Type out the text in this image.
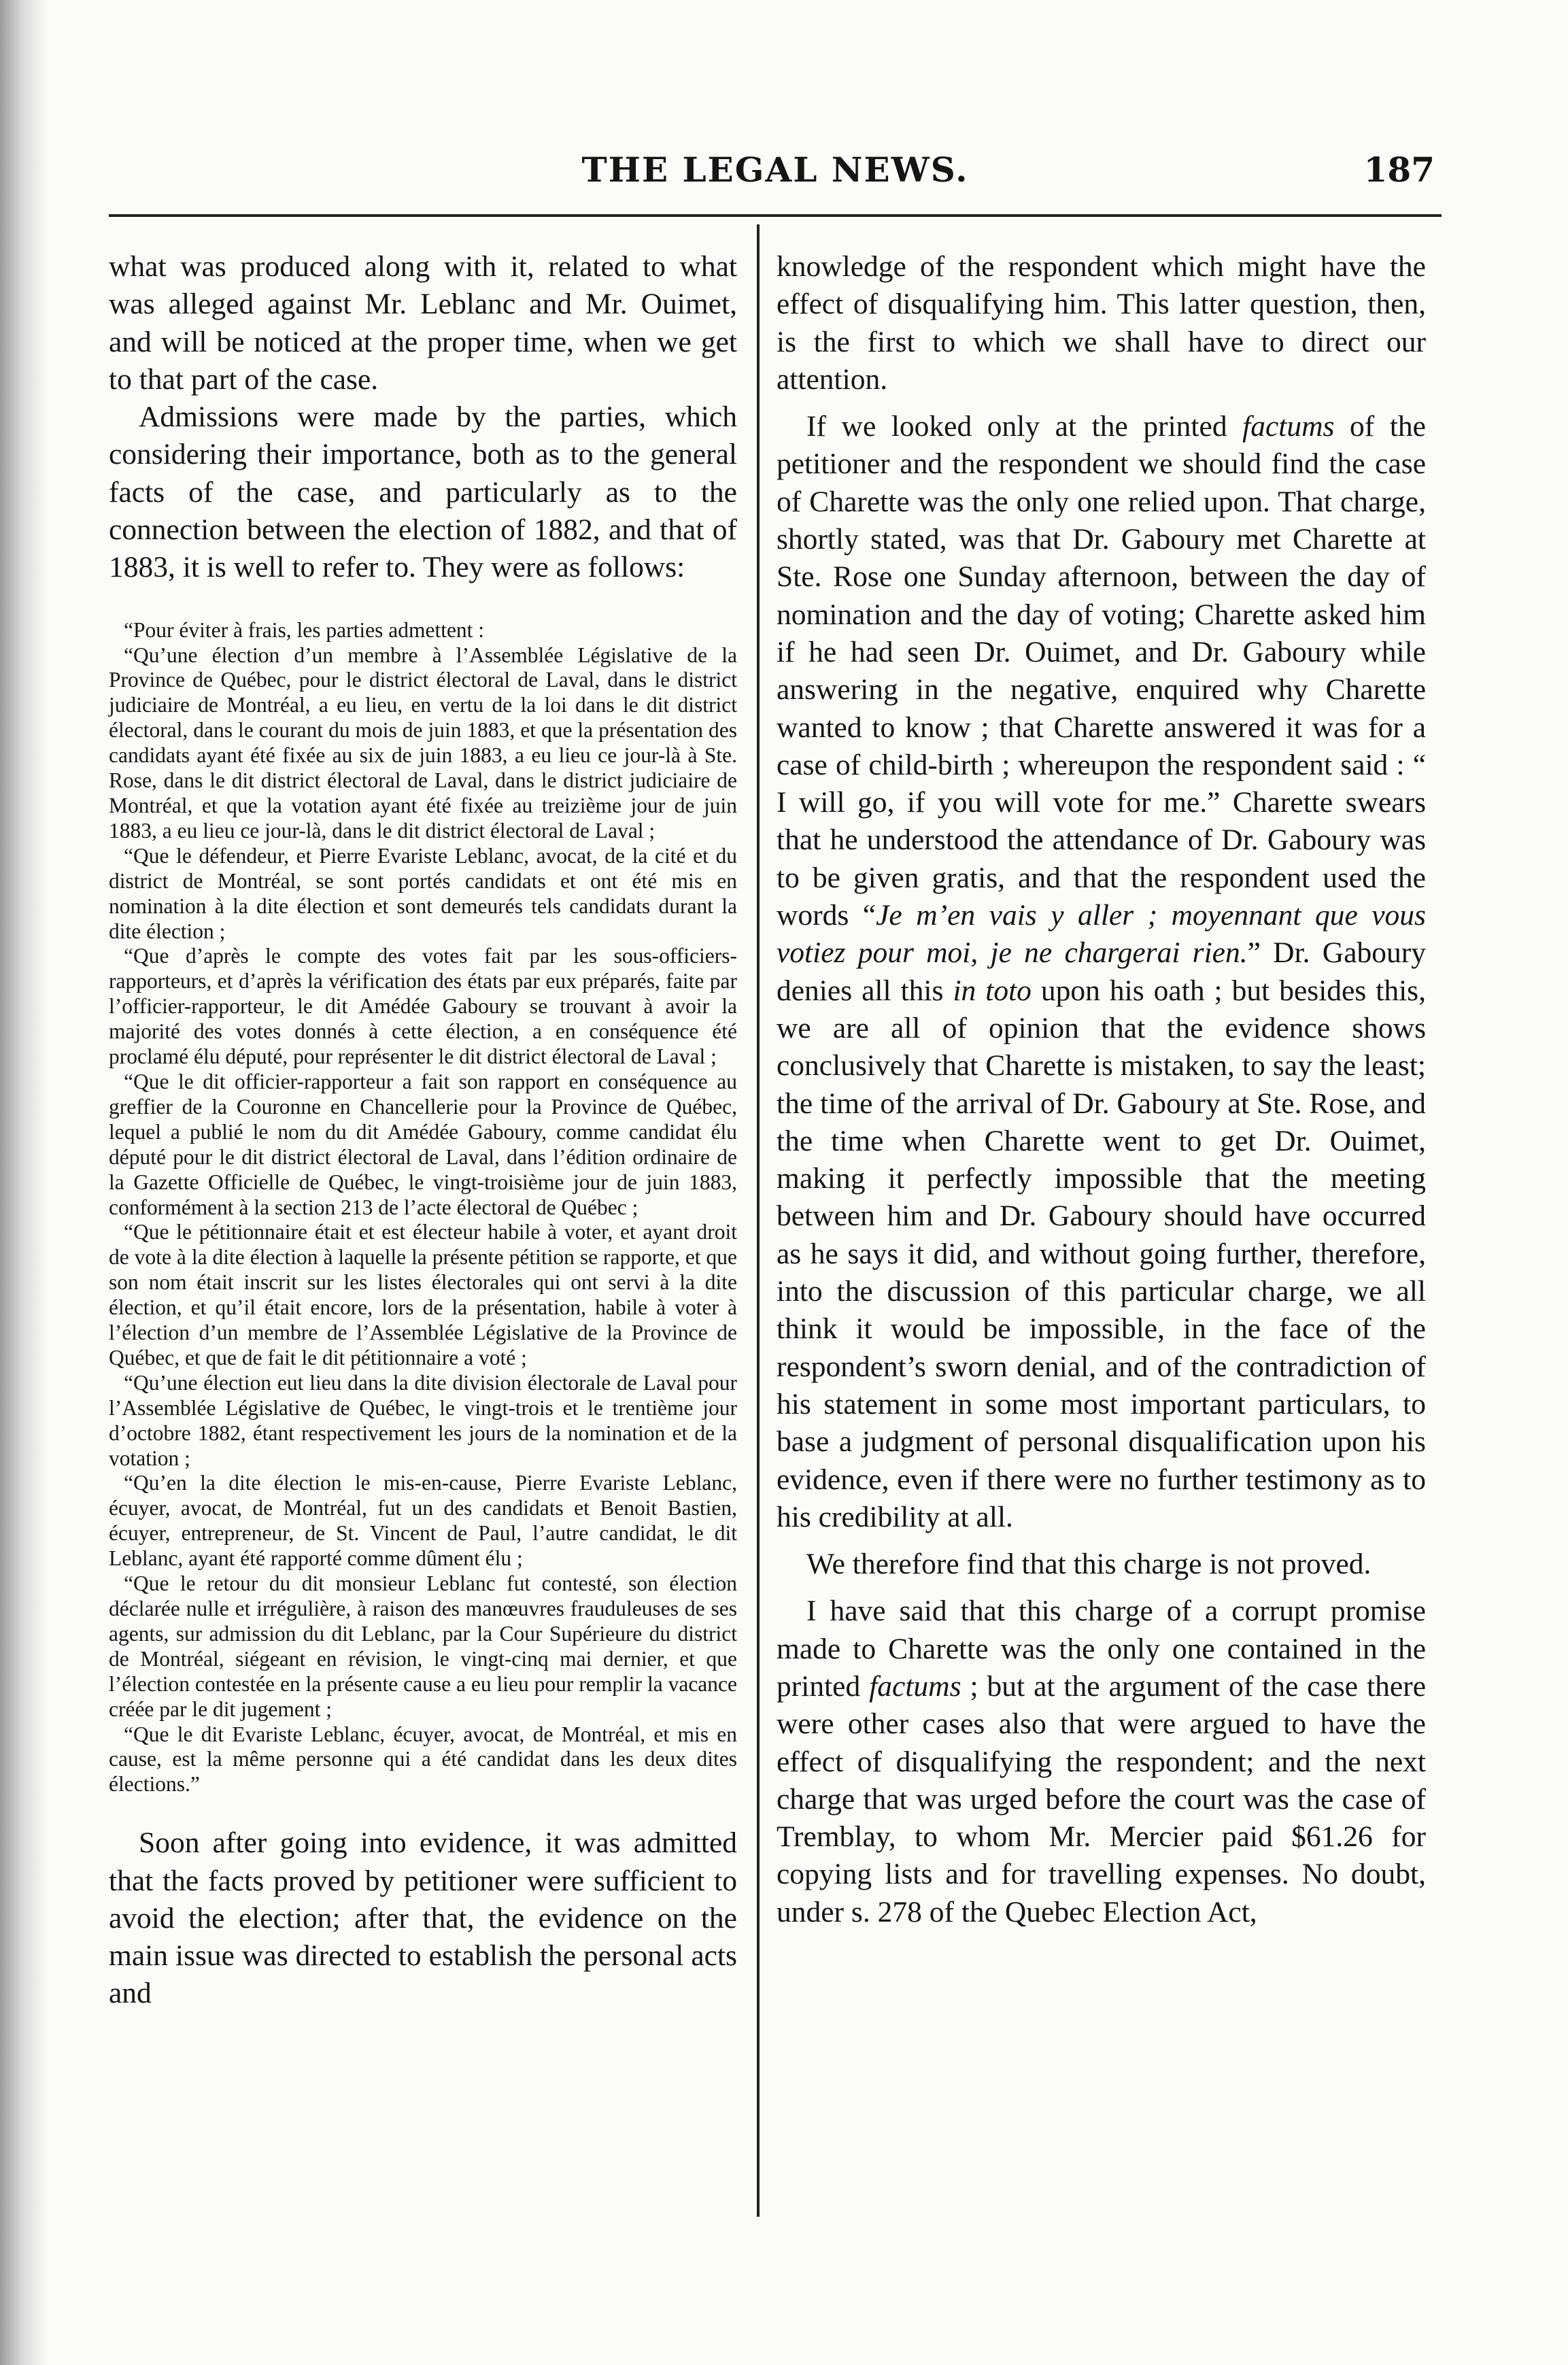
THE LEGAL NEWS.	187

what was produced along with it, related to what was alleged against Mr. Leblanc and Mr. Ouimet, and will be noticed at the proper time, when we get to that part of the case.

Admissions were made by the parties, which considering their importance, both as to the general facts of the case, and particularly as to the connection between the election of 1882, and that of 1883, it is well to refer to. They were as follows:

“Pour éviter à frais, les parties admettent :
“Qu’une élection d’un membre à l’Assemblée Législative de la Province de Québec, pour le district électoral de Laval, dans le district judiciaire de Montréal, a eu lieu, en vertu de la loi dans le dit district électoral, dans le courant du mois de juin 1883, et que la présentation des candidats ayant été fixée au six de juin 1883, a eu lieu ce jour-là à Ste. Rose, dans le dit district électoral de Laval, dans le district judiciaire de Montréal, et que la votation ayant été fixée au treizième jour de juin 1883, a eu lieu ce jour-là, dans le dit district électoral de Laval ;
“Que le défendeur, et Pierre Evariste Leblanc, avocat, de la cité et du district de Montréal, se sont portés candidats et ont été mis en nomination à la dite élection et sont demeurés tels candidats durant la dite élection ;
“Que d’après le compte des votes fait par les sous-officiers-rapporteurs, et d’après la vérification des états par eux préparés, faite par l’officier-rapporteur, le dit Amédée Gaboury se trouvant à avoir la majorité des votes donnés à cette élection, a en conséquence été proclamé élu député, pour représenter le dit district électoral de Laval ;
“Que le dit officier-rapporteur a fait son rapport en conséquence au greffier de la Couronne en Chancellerie pour la Province de Québec, lequel a publié le nom du dit Amédée Gaboury, comme candidat élu député pour le dit district électoral de Laval, dans l’édition ordinaire de la Gazette Officielle de Québec, le vingt-troisième jour de juin 1883, conformément à la section 213 de l’acte électoral de Québec ;
“Que le pétitionnaire était et est électeur habile à voter, et ayant droit de vote à la dite élection à laquelle la présente pétition se rapporte, et que son nom était inscrit sur les listes électorales qui ont servi à la dite élection, et qu’il était encore, lors de la présentation, habile à voter à l’élection d’un membre de l’Assemblée Législative de la Province de Québec, et que de fait le dit pétitionnaire a voté ;
“Qu’une élection eut lieu dans la dite division électorale de Laval pour l’Assemblée Législative de Québec, le vingt-trois et le trentième jour d’octobre 1882, étant respectivement les jours de la nomination et de la votation ;
“Qu’en la dite élection le mis-en-cause, Pierre Evariste Leblanc, écuyer, avocat, de Montréal, fut un des candidats et Benoit Bastien, écuyer, entrepreneur, de St. Vincent de Paul, l’autre candidat, le dit Leblanc, ayant été rapporté comme dûment élu ;
“Que le retour du dit monsieur Leblanc fut contesté, son élection déclarée nulle et irrégulière, à raison des manœuvres frauduleuses de ses agents, sur admission du dit Leblanc, par la Cour Supérieure du district de Montréal, siégeant en révision, le vingt-cinq mai dernier, et que l’élection contestée en la présente cause a eu lieu pour remplir la vacance créée par le dit jugement ;
“Que le dit Evariste Leblanc, écuyer, avocat, de Montréal, et mis en cause, est la même personne qui a été candidat dans les deux dites élections.”

Soon after going into evidence, it was admitted that the facts proved by petitioner were sufficient to avoid the election; after that, the evidence on the main issue was directed to establish the personal acts and

knowledge of the respondent which might have the effect of disqualifying him. This latter question, then, is the first to which we shall have to direct our attention.

If we looked only at the printed factums of the petitioner and the respondent we should find the case of Charette was the only one relied upon. That charge, shortly stated, was that Dr. Gaboury met Charette at Ste. Rose one Sunday afternoon, between the day of nomination and the day of voting; Charette asked him if he had seen Dr. Ouimet, and Dr. Gaboury while answering in the negative, enquired why Charette wanted to know ; that Charette answered it was for a case of child-birth ; whereupon the respondent said : “ I will go, if you will vote for me.” Charette swears that he understood the attendance of Dr. Gaboury was to be given gratis, and that the respondent used the words “Je m’en vais y aller ; moyennant que vous votiez pour moi, je ne chargerai rien.” Dr. Gaboury denies all this in toto upon his oath ; but besides this, we are all of opinion that the evidence shows conclusively that Charette is mistaken, to say the least; the time of the arrival of Dr. Gaboury at Ste. Rose, and the time when Charette went to get Dr. Ouimet, making it perfectly impossible that the meeting between him and Dr. Gaboury should have occurred as he says it did, and without going further, therefore, into the discussion of this particular charge, we all think it would be impossible, in the face of the respondent’s sworn denial, and of the contradiction of his statement in some most important particulars, to base a judgment of personal disqualification upon his evidence, even if there were no further testimony as to his credibility at all.

We therefore find that this charge is not proved.

I have said that this charge of a corrupt promise made to Charette was the only one contained in the printed factums ; but at the argument of the case there were other cases also that were argued to have the effect of disqualifying the respondent; and the next charge that was urged before the court was the case of Tremblay, to whom Mr. Mercier paid $61.26 for copying lists and for travelling expenses. No doubt, under s. 278 of the Quebec Election Act,
